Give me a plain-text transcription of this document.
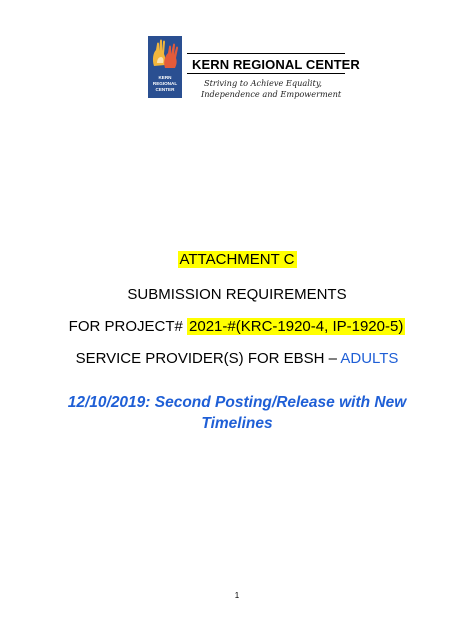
KERN
REGIONAL
CENTER
KERN REGIONAL CENTER
Striving to Achieve Equality,
Independence and Empowerment
ATTACHMENT C
SUBMISSION REQUIREMENTS
FOR PROJECT# 2021-#(KRC-1920-4, IP-1920-5)
SERVICE PROVIDER(S) FOR EBSH – ADULTS
12/10/2019: Second Posting/Release with New
Timelines
1
